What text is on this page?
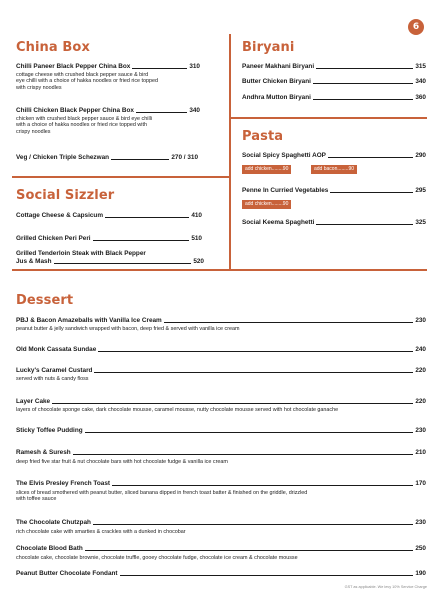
6
China Box
Chilli Paneer Black Pepper China Box	310
cottage cheese with crushed black pepper sauce & bird
eye chilli with a choice of hakka noodles or fried rice topped
with crispy noodles
Chilli Chicken Black Pepper China Box	340
chicken with crushed black pepper sauce & bird eye chilli
with a choice of hakka noodles or fried rice topped with
crispy noodles
Veg / Chicken Triple Schezwan	270 / 310
Social Sizzler
Cottage Cheese & Capsicum	410
Grilled Chicken Peri Peri	510
Grilled Tenderloin Steak with Black Pepper
Jus & Mash	520
Biryani
Paneer Makhani Biryani	315
Butter Chicken Biryani	340
Andhra Mutton Biryani	360
Pasta
Social Spicy Spaghetti AOP	290
add chicken........90	add bacon........90
Penne In Curried Vegetables	295
add chicken........90
Social Keema Spaghetti	325
Dessert
PBJ & Bacon Amazeballs with Vanilla Ice Cream	230
peanut butter & jelly sandwich wrapped with bacon, deep fried & served with vanilla ice cream
Old Monk Cassata Sundae	240
Lucky's Caramel Custard	220
served with nuts & candy floss
Layer Cake	220
layers of chocolate sponge cake, dark chocolate mousse, caramel mousse, nutty chocolate mousse served with hot chocolate ganache
Sticky Toffee Pudding	230
Ramesh & Suresh	210
deep fried five star fruit & nut chocolate bars with hot chocolate fudge & vanilla ice cream
The Elvis Presley French Toast	170
slices of bread smothered with peanut butter, sliced banana dipped in french toast batter & finished on the griddle, drizzled
with toffee sauce
The Chocolate Chutzpah	230
rich chocolate cake with smarties & crackles with a dunked in chocobar
Chocolate Blood Bath	250
chocolate cake, chocolate brownie, chocolate truffle, gooey chocolate fudge, chocolate ice cream & chocolate mousse
Peanut Butter Chocolate Fondant	190
GST as applicable. We levy 10% Service Charge
